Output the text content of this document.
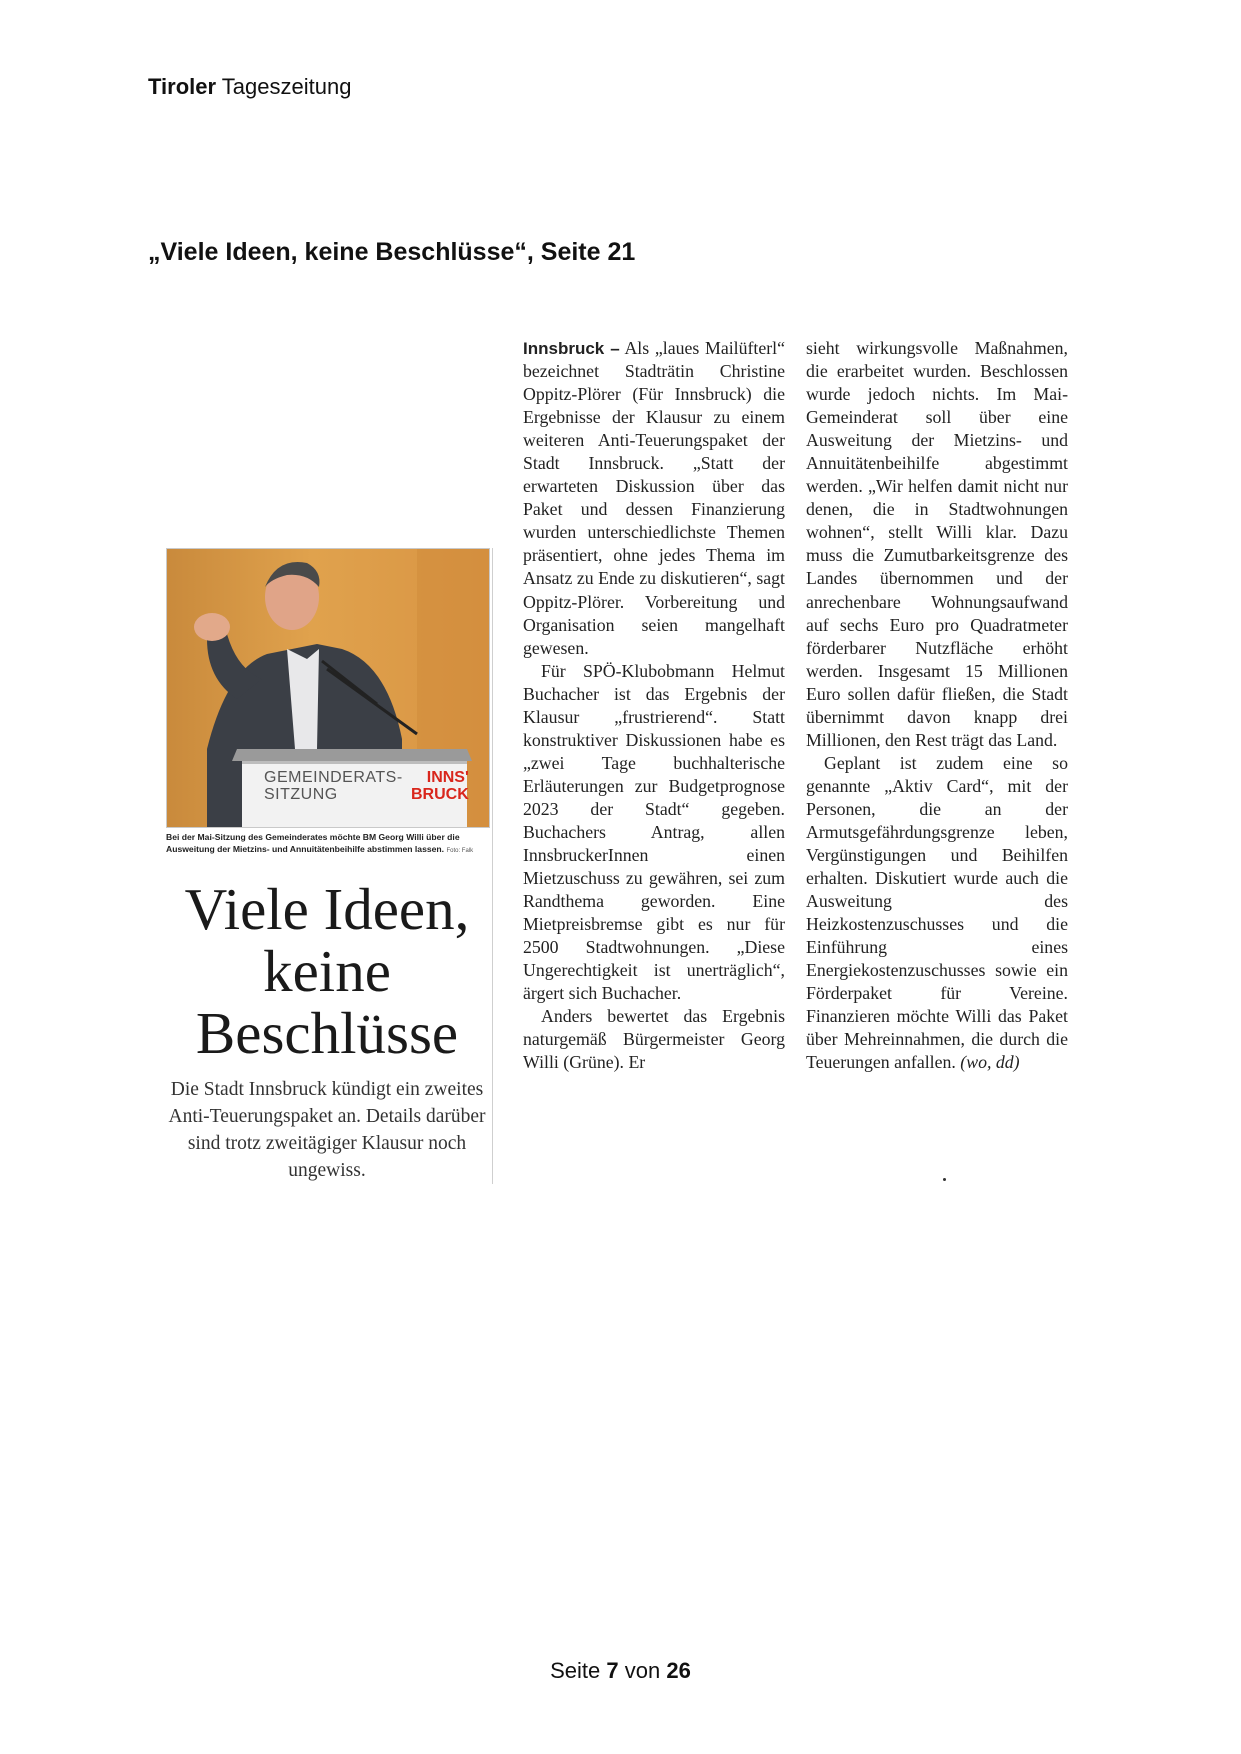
Tiroler Tageszeitung
„Viele Ideen, keine Beschlüsse“, Seite 21
GEMEINDERATS-
SITZUNG
INNS'
BRUCK
Bei der Mai-Sitzung des Gemeinderates möchte BM Georg Willi über die Ausweitung der Mietzins- und Annuitätenbeihilfe abstimmen lassen. Foto: Falk
Viele Ideen,
keine
Beschlüsse
Die Stadt Innsbruck kündigt ein zweites Anti-Teuerungspaket an. Details darüber sind trotz zweitägiger Klausur noch ungewiss.

Innsbruck – Als „laues Mailüfterl“ bezeichnet Stadträtin Christine Oppitz-Plörer (Für Innsbruck) die Ergebnisse der Klausur zu einem weiteren Anti-Teuerungspaket der Stadt Innsbruck. „Statt der erwarteten Diskussion über das Paket und dessen Finanzierung wurden unterschiedlichste Themen präsentiert, ohne jedes Thema im Ansatz zu Ende zu diskutieren“, sagt Oppitz-Plörer. Vorbereitung und Organisation seien mangelhaft gewesen.

Für SPÖ-Klubobmann Helmut Buchacher ist das Ergebnis der Klausur „frustrierend“. Statt konstruktiver Diskussionen habe es „zwei Tage buchhalterische Erläuterungen zur Budgetprognose 2023 der Stadt“ gegeben. Buchachers Antrag, allen InnsbruckerInnen einen Mietzuschuss zu gewähren, sei zum Randthema geworden. Eine Mietpreisbremse gibt es nur für 2500 Stadtwohnungen. „Diese Ungerechtigkeit ist unerträglich“, ärgert sich Buchacher.

Anders bewertet das Ergebnis naturgemäß Bürgermeister Georg Willi (Grüne). Er

sieht wirkungsvolle Maßnahmen, die erarbeitet wurden. Beschlossen wurde jedoch nichts. Im Mai-Gemeinderat soll über eine Ausweitung der Mietzins- und Annuitätenbeihilfe abgestimmt werden. „Wir helfen damit nicht nur denen, die in Stadtwohnungen wohnen“, stellt Willi klar. Dazu muss die Zumutbarkeitsgrenze des Landes übernommen und der anrechenbare Wohnungsaufwand auf sechs Euro pro Quadratmeter förderbarer Nutzfläche erhöht werden. Insgesamt 15 Millionen Euro sollen dafür fließen, die Stadt übernimmt davon knapp drei Millionen, den Rest trägt das Land.

Geplant ist zudem eine so genannte „Aktiv Card“, mit der Personen, die an der Armutsgefährdungsgrenze leben, Vergünstigungen und Beihilfen erhalten. Diskutiert wurde auch die Ausweitung des Heizkostenzuschusses und die Einführung eines Energiekostenzuschusses sowie ein Förderpaket für Vereine. Finanzieren möchte Willi das Paket über Mehreinnahmen, die durch die Teuerungen anfallen. (wo, dd)

Seite 7 von 26
